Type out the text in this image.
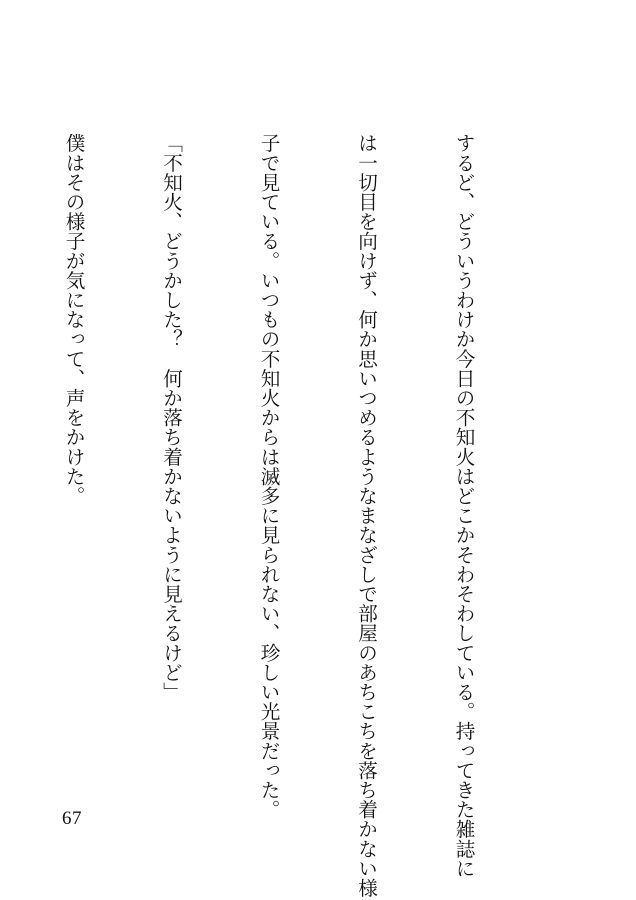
するど、どういうわけか今日の不知火はどこかそわそわしている。持ってきた雑誌に

は一切目を向けず、何か思いつめるようなまなざしで部屋のあちこちを落ち着かない様

子で見ている。いつもの不知火からは滅多に見られない、珍しい光景だった。

「不知火、どうかした？　何か落ち着かないように見えるけど」

僕はその様子が気になって、声をかけた。

67
